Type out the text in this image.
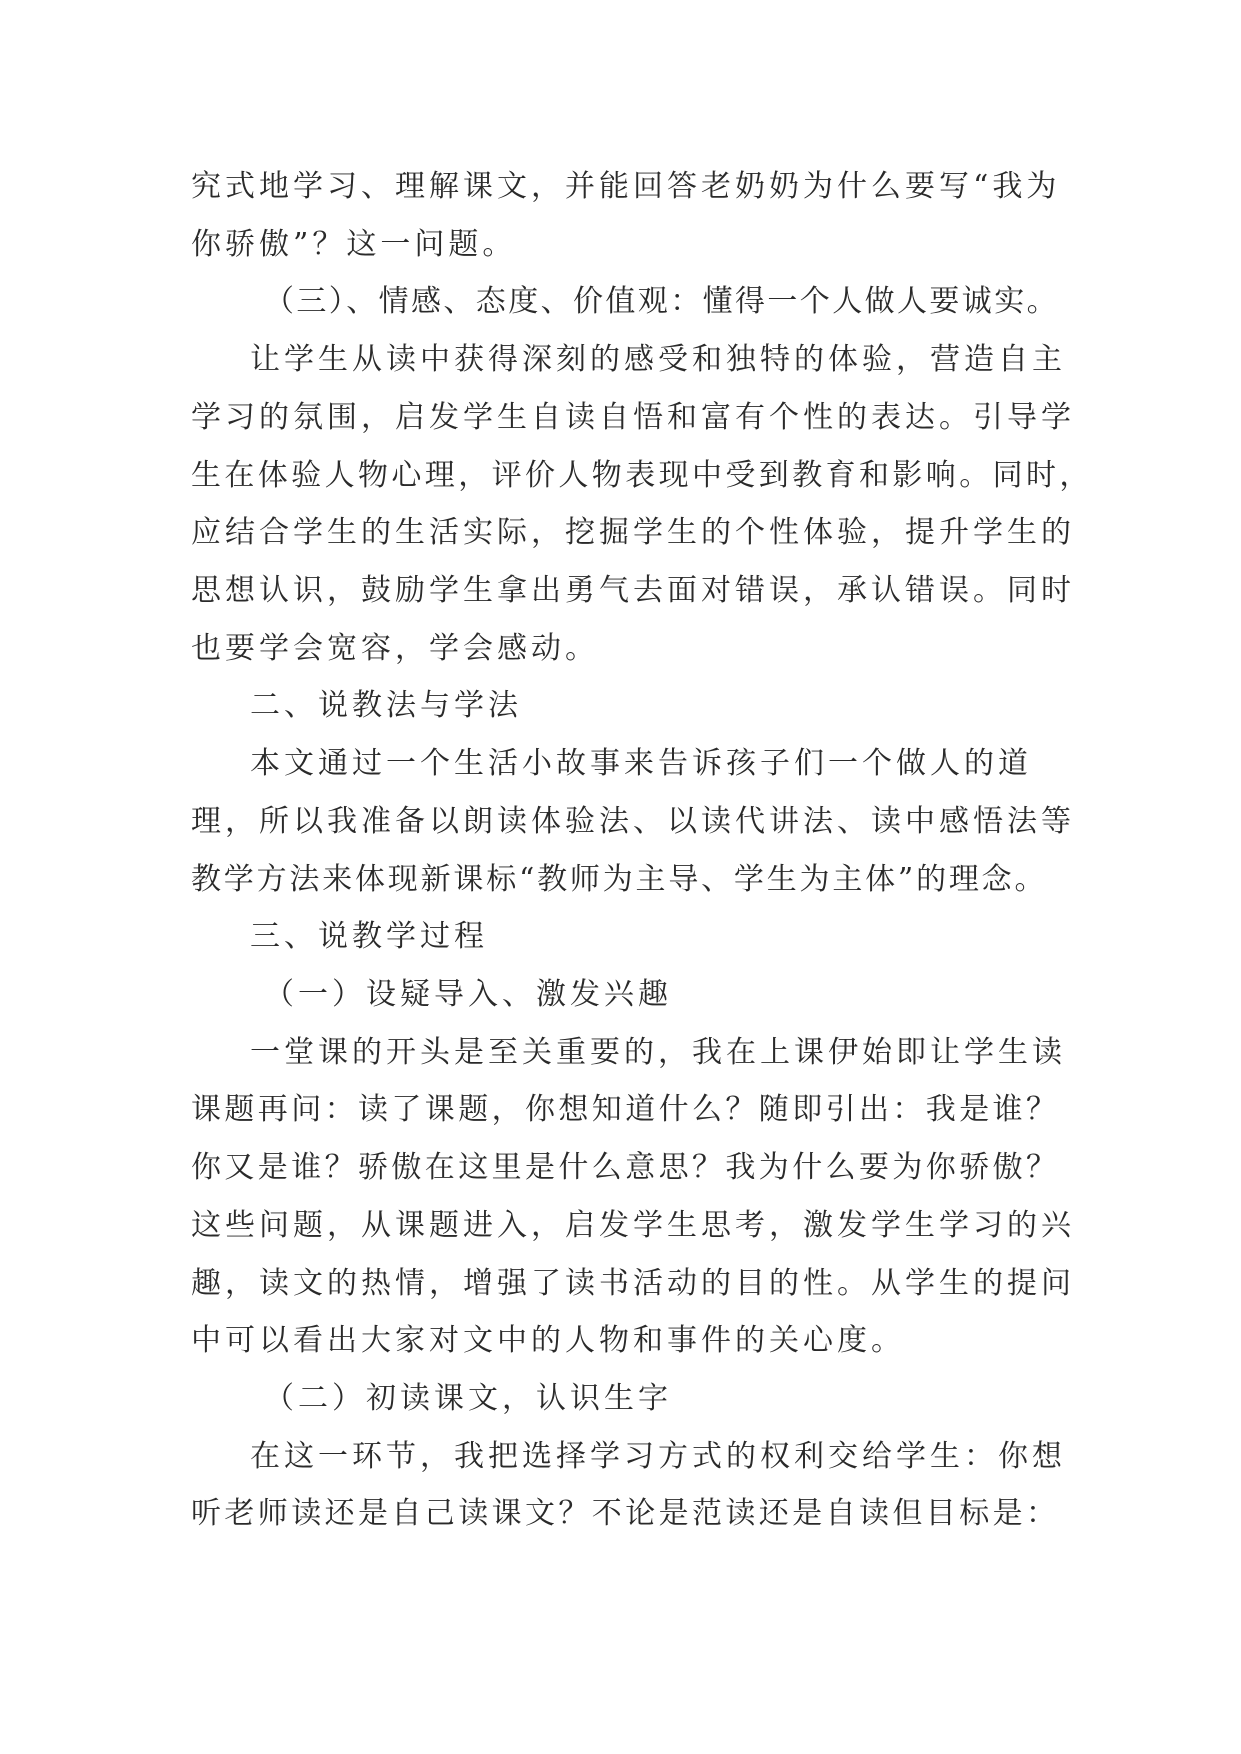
究式地学习、理解课文，并能回答老奶奶为什么要写“我为
你骄傲”？这一问题。
（三）、情感、态度、价值观：懂得一个人做人要诚实。
让学生从读中获得深刻的感受和独特的体验，营造自主
学习的氛围，启发学生自读自悟和富有个性的表达。引导学
生在体验人物心理，评价人物表现中受到教育和影响。同时，
应结合学生的生活实际，挖掘学生的个性体验，提升学生的
思想认识，鼓励学生拿出勇气去面对错误，承认错误。同时
也要学会宽容，学会感动。
二、说教法与学法
本文通过一个生活小故事来告诉孩子们一个做人的道
理，所以我准备以朗读体验法、以读代讲法、读中感悟法等
教学方法来体现新课标“教师为主导、学生为主体”的理念。
三、说教学过程
（一）设疑导入、激发兴趣
一堂课的开头是至关重要的，我在上课伊始即让学生读
课题再问：读了课题，你想知道什么？随即引出：我是谁？
你又是谁？骄傲在这里是什么意思？我为什么要为你骄傲？
这些问题，从课题进入，启发学生思考，激发学生学习的兴
趣，读文的热情，增强了读书活动的目的性。从学生的提问
中可以看出大家对文中的人物和事件的关心度。
（二）初读课文，认识生字
在这一环节，我把选择学习方式的权利交给学生：你想
听老师读还是自己读课文？不论是范读还是自读但目标是：
